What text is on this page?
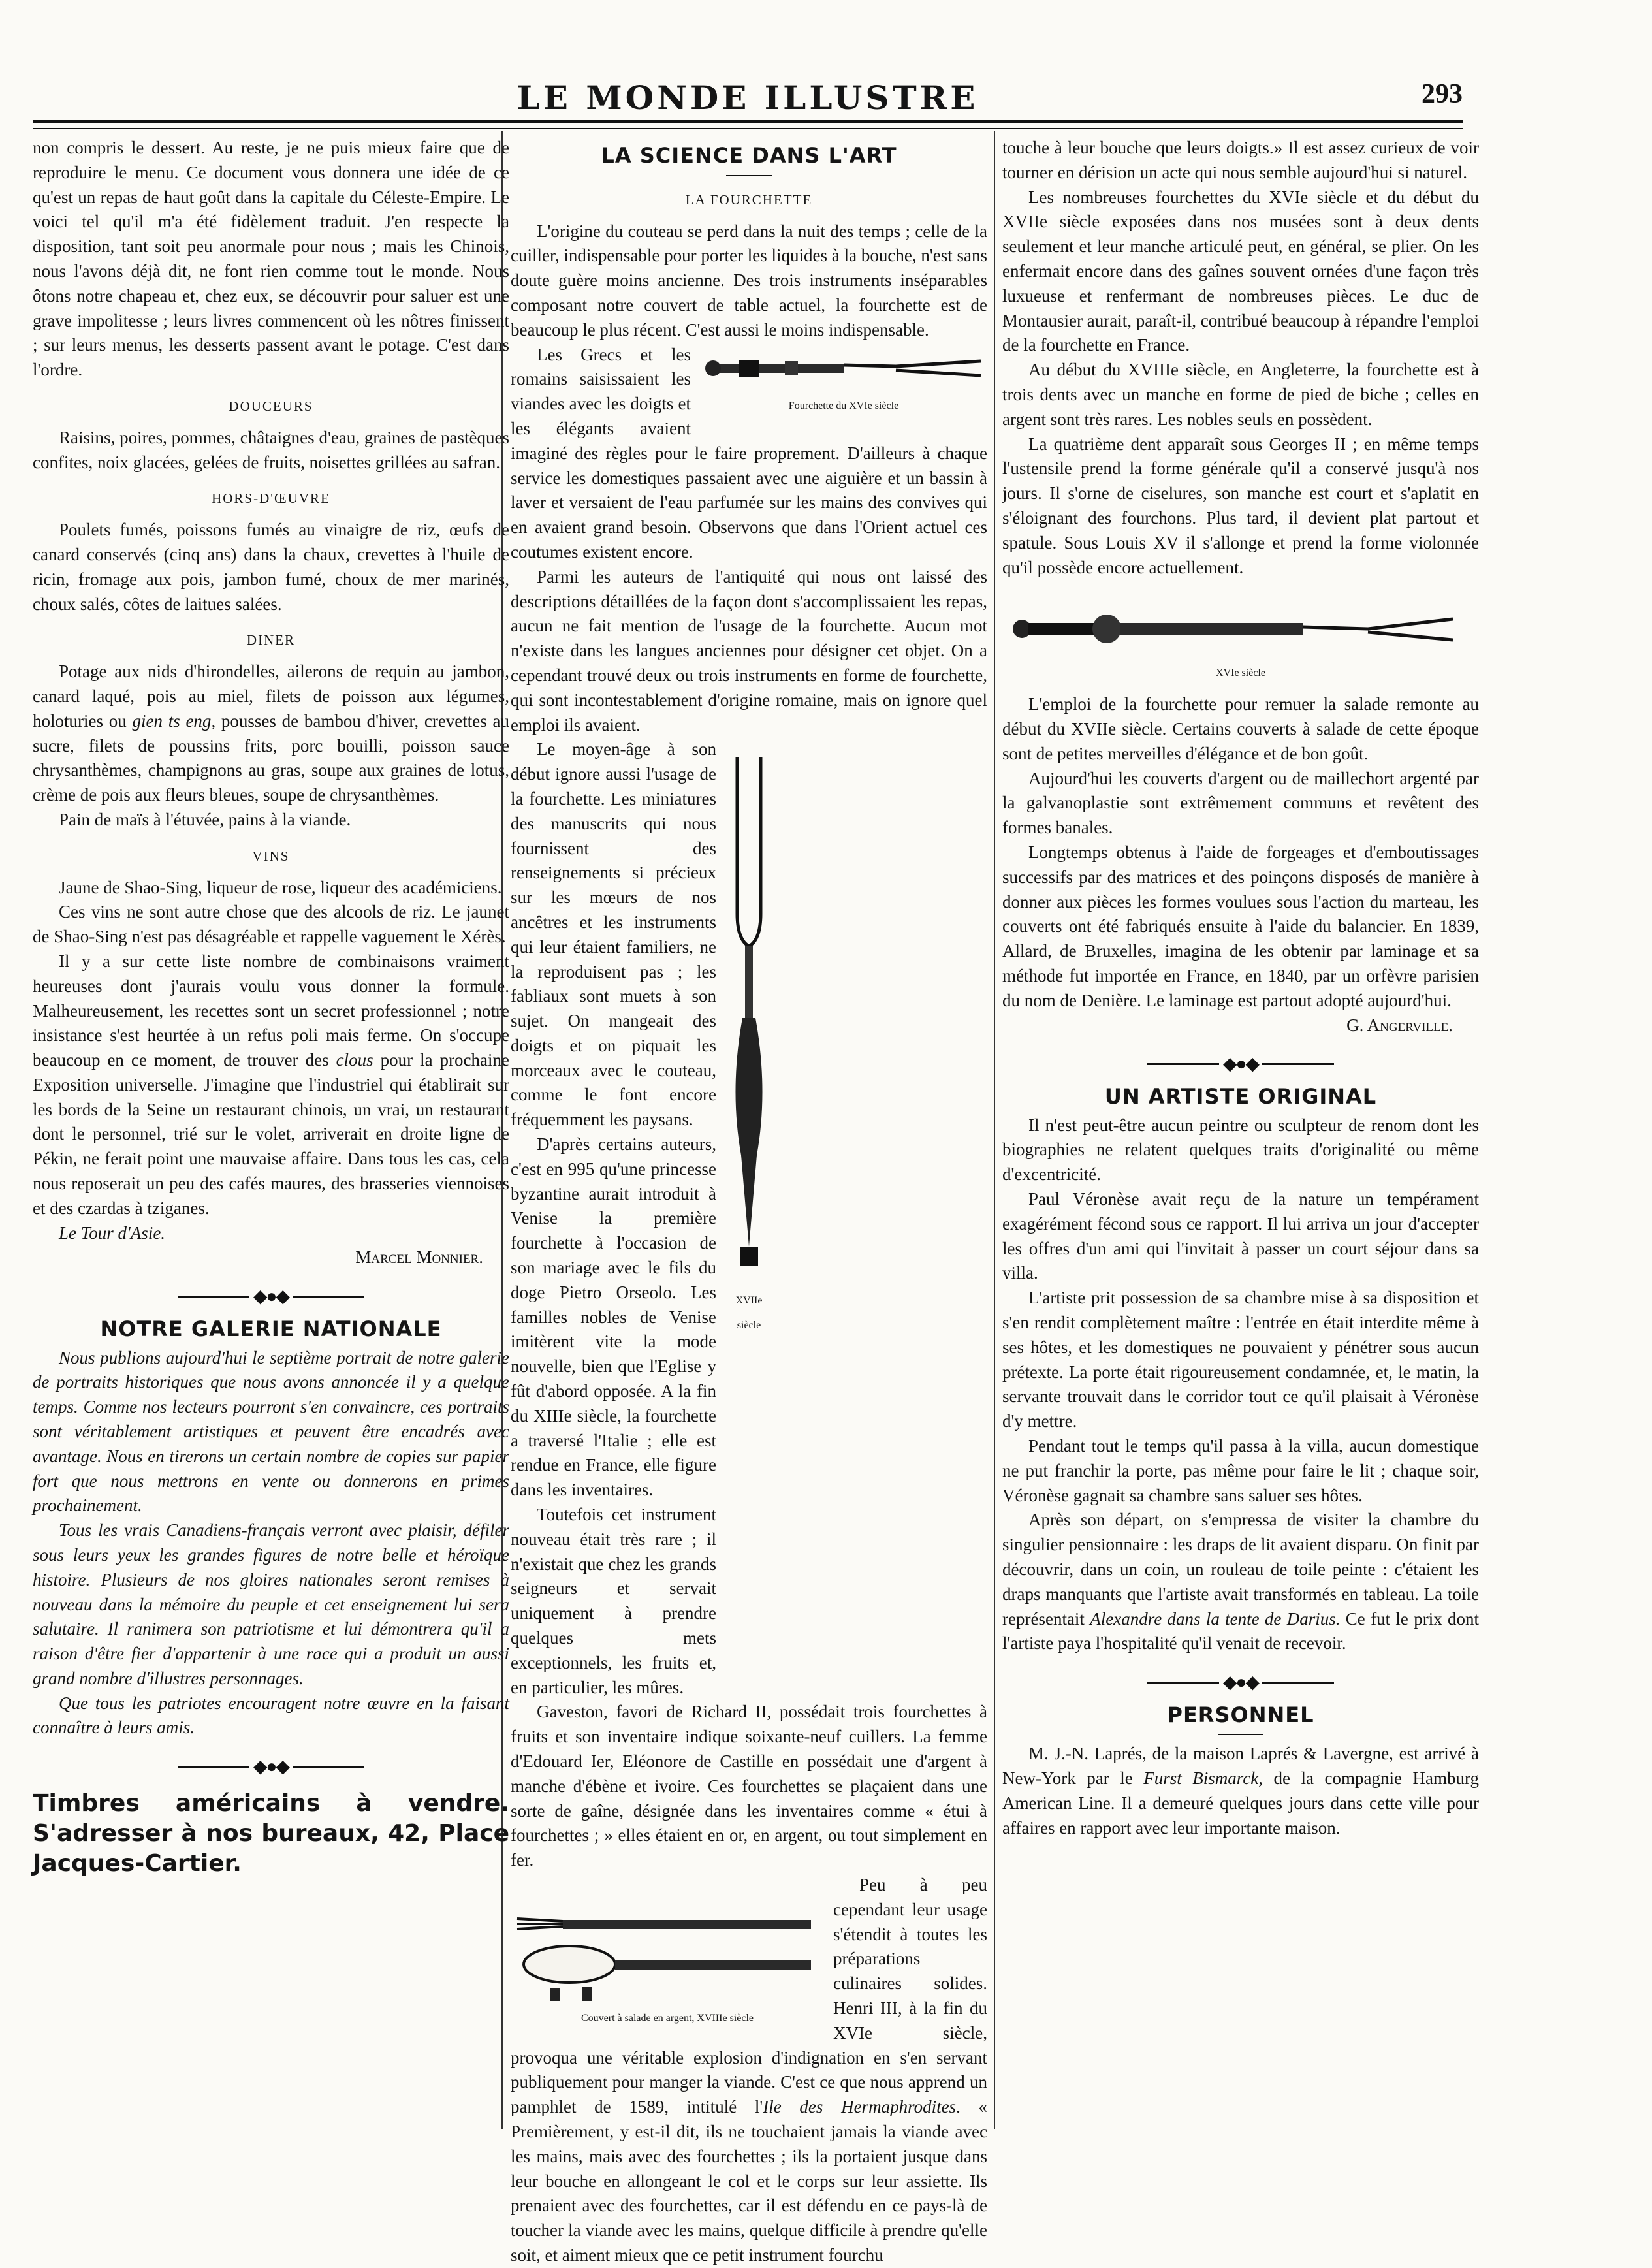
LE MONDE ILLUSTRE	293

non compris le dessert. Au reste, je ne puis mieux faire que de reproduire le menu. Ce document vous donnera une idée de ce qu'est un repas de haut goût dans la capitale du Céleste-Empire. Le voici tel qu'il m'a été fidèlement traduit. J'en respecte la disposition, tant soit peu anormale pour nous ; mais les Chinois, nous l'avons déjà dit, ne font rien comme tout le monde. Nous ôtons notre chapeau et, chez eux, se découvrir pour saluer est une grave impolitesse ; leurs livres commencent où les nôtres finissent ; sur leurs menus, les desserts passent avant le potage. C'est dans l'ordre.

DOUCEURS

Raisins, poires, pommes, châtaignes d'eau, graines de pastèques confites, noix glacées, gelées de fruits, noisettes grillées au safran.

HORS-D'ŒUVRE

Poulets fumés, poissons fumés au vinaigre de riz, œufs de canard conservés (cinq ans) dans la chaux, crevettes à l'huile de ricin, fromage aux pois, jambon fumé, choux de mer marinés, choux salés, côtes de laitues salées.

DINER

Potage aux nids d'hirondelles, ailerons de requin au jambon, canard laqué, pois au miel, filets de poisson aux légumes, holoturies ou gien ts eng, pousses de bambou d'hiver, crevettes au sucre, filets de poussins frits, porc bouilli, poisson sauce chrysanthèmes, champignons au gras, soupe aux graines de lotus, crème de pois aux fleurs bleues, soupe de chrysanthèmes.

Pain de maïs à l'étuvée, pains à la viande.

VINS

Jaune de Shao-Sing, liqueur de rose, liqueur des académiciens.

Ces vins ne sont autre chose que des alcools de riz. Le jaunet de Shao-Sing n'est pas désagréable et rappelle vaguement le Xérès.

Il y a sur cette liste nombre de combinaisons vraiment heureuses dont j'aurais voulu vous donner la formule. Malheureusement, les recettes sont un secret professionnel ; notre insistance s'est heurtée à un refus poli mais ferme. On s'occupe beaucoup en ce moment, de trouver des clous pour la prochaine Exposition universelle. J'imagine que l'industriel qui établirait sur les bords de la Seine un restaurant chinois, un vrai, un restaurant dont le personnel, trié sur le volet, arriverait en droite ligne de Pékin, ne ferait point une mauvaise affaire. Dans tous les cas, cela nous reposerait un peu des cafés maures, des brasseries viennoises et des czardas à tziganes.

Le Tour d'Asie.

Marcel Monnier.

◆●◆
NOTRE GALERIE NATIONALE

Nous publions aujourd'hui le septième portrait de notre galerie de portraits historiques que nous avons annoncée il y a quelque temps. Comme nos lecteurs pourront s'en convaincre, ces portraits sont véritablement artistiques et peuvent être encadrés avec avantage. Nous en tirerons un certain nombre de copies sur papier fort que nous mettrons en vente ou donnerons en primes prochainement.

Tous les vrais Canadiens-français verront avec plaisir, défiler sous leurs yeux les grandes figures de notre belle et héroïque histoire. Plusieurs de nos gloires nationales seront remises à nouveau dans la mémoire du peuple et cet enseignement lui sera salutaire. Il ranimera son patriotisme et lui démontrera qu'il a raison d'être fier d'appartenir à une race qui a produit un aussi grand nombre d'illustres personnages.

Que tous les patriotes encouragent notre œuvre en la faisant connaître à leurs amis.

◆●◆

Timbres américains à vendre. S'adresser à nos bureaux, 42, Place Jacques-Cartier.

LA SCIENCE DANS L'ART
LA FOURCHETTE

L'origine du couteau se perd dans la nuit des temps ; celle de la cuiller, indispensable pour porter les liquides à la bouche, n'est sans doute guère moins ancienne. Des trois instruments inséparables composant notre couvert de table actuel, la fourchette est de beaucoup le plus récent. C'est aussi le moins indispensable.

Fourchette du XVIe siècle

Les Grecs et les romains saisissaient les viandes avec les doigts et les élégants avaient imaginé des règles pour le faire proprement. D'ailleurs à chaque service les domestiques passaient avec une aiguière et un bassin à laver et versaient de l'eau parfumée sur les mains des convives qui en avaient grand besoin. Observons que dans l'Orient actuel ces coutumes existent encore.

Parmi les auteurs de l'antiquité qui nous ont laissé des descriptions détaillées de la façon dont s'accomplissaient les repas, aucun ne fait mention de l'usage de la fourchette. Aucun mot n'existe dans les langues anciennes pour désigner cet objet. On a cependant trouvé deux ou trois instruments en forme de fourchette, qui sont incontestablement d'origine romaine, mais on ignore quel emploi ils avaient.

Le moyen-âge à son début ignore aussi l'usage de la fourchette. Les miniatures des manuscrits qui nous fournissent des renseignements si précieux sur les mœurs de nos ancêtres et les instruments qui leur étaient familiers, ne la reproduisent pas ; les fabliaux sont muets à son sujet. On mangeait des doigts et on piquait les morceaux avec le couteau, comme le font encore fréquemment les paysans.

D'après certains auteurs, c'est en 995 qu'une princesse byzantine aurait introduit à Venise la première fourchette à l'occasion de son mariage avec le fils du doge Pietro Orseolo. Les familles nobles de Venise imitèrent vite la mode nouvelle, bien que l'Eglise y fût d'abord opposée. A la fin du XIIIe siècle, la fourchette a traversé l'Italie ; elle est rendue en France, elle figure dans les inventaires.

Toutefois cet instrument nouveau était très rare ; il n'existait que chez les grands seigneurs et servait uniquement à prendre quelques mets exceptionnels, les fruits et, en particulier, les mûres.

XVIIe siècle

Gaveston, favori de Richard II, possédait trois fourchettes à fruits et son inventaire indique soixante-neuf cuillers. La femme d'Edouard Ier, Eléonore de Castille en possédait une d'argent à manche d'ébène et ivoire. Ces fourchettes se plaçaient dans une sorte de gaîne, désignée dans les inventaires comme « étui à fourchettes ; » elles étaient en or, en argent, ou tout simplement en fer.

Couvert à salade en argent, XVIIIe siècle

Peu à peu cependant leur usage s'étendit à toutes les préparations culinaires solides. Henri III, à la fin du XVIe siècle, provoqua une véritable explosion d'indignation en s'en servant publiquement pour manger la viande. C'est ce que nous apprend un pamphlet de 1589, intitulé l'Ile des Hermaphrodites. « Premièrement, y est-il dit, ils ne touchaient jamais la viande avec les mains, mais avec des fourchettes ; ils la portaient jusque dans leur bouche en allongeant le col et le corps sur leur assiette. Ils prenaient avec des fourchettes, car il est défendu en ce pays-là de toucher la viande avec les mains, quelque difficile à prendre qu'elle soit, et aiment mieux que ce petit instrument fourchu

touche à leur bouche que leurs doigts.» Il est assez curieux de voir tourner en dérision un acte qui nous semble aujourd'hui si naturel.

Les nombreuses fourchettes du XVIe siècle et du début du XVIIe siècle exposées dans nos musées sont à deux dents seulement et leur manche articulé peut, en général, se plier. On les enfermait encore dans des gaînes souvent ornées d'une façon très luxueuse et renfermant de nombreuses pièces. Le duc de Montausier aurait, paraît-il, contribué beaucoup à répandre l'emploi de la fourchette en France.

Au début du XVIIIe siècle, en Angleterre, la fourchette est à trois dents avec un manche en forme de pied de biche ; celles en argent sont très rares. Les nobles seuls en possèdent.

La quatrième dent apparaît sous Georges II ; en même temps l'ustensile prend la forme générale qu'il a conservé jusqu'à nos jours. Il s'orne de ciselures, son manche est court et s'aplatit en s'éloignant des fourchons. Plus tard, il devient plat partout et spatule. Sous Louis XV il s'allonge et prend la forme violonnée qu'il possède encore actuellement.

XVIe siècle

L'emploi de la fourchette pour remuer la salade remonte au début du XVIIe siècle. Certains couverts à salade de cette époque sont de petites merveilles d'élégance et de bon goût.

Aujourd'hui les couverts d'argent ou de maillechort argenté par la galvanoplastie sont extrêmement communs et revêtent des formes banales.

Longtemps obtenus à l'aide de forgeages et d'emboutissages successifs par des matrices et des poinçons disposés de manière à donner aux pièces les formes voulues sous l'action du marteau, les couverts ont été fabriqués ensuite à l'aide du balancier. En 1839, Allard, de Bruxelles, imagina de les obtenir par laminage et sa méthode fut importée en France, en 1840, par un orfèvre parisien du nom de Denière. Le laminage est partout adopté aujourd'hui.

G. Angerville.

◆●◆
UN ARTISTE ORIGINAL

Il n'est peut-être aucun peintre ou sculpteur de renom dont les biographies ne relatent quelques traits d'originalité ou même d'excentricité.

Paul Véronèse avait reçu de la nature un tempérament exagérément fécond sous ce rapport. Il lui arriva un jour d'accepter les offres d'un ami qui l'invitait à passer un court séjour dans sa villa.

L'artiste prit possession de sa chambre mise à sa disposition et s'en rendit complètement maître : l'entrée en était interdite même à ses hôtes, et les domestiques ne pouvaient y pénétrer sous aucun prétexte. La porte était rigoureusement condamnée, et, le matin, la servante trouvait dans le corridor tout ce qu'il plaisait à Véronèse d'y mettre.

Pendant tout le temps qu'il passa à la villa, aucun domestique ne put franchir la porte, pas même pour faire le lit ; chaque soir, Véronèse gagnait sa chambre sans saluer ses hôtes.

Après son départ, on s'empressa de visiter la chambre du singulier pensionnaire : les draps de lit avaient disparu. On finit par découvrir, dans un coin, un rouleau de toile peinte : c'étaient les draps manquants que l'artiste avait transformés en tableau. La toile représentait Alexandre dans la tente de Darius. Ce fut le prix dont l'artiste paya l'hospitalité qu'il venait de recevoir.

◆●◆
PERSONNEL

M. J.-N. Laprés, de la maison Laprés & Lavergne, est arrivé à New-York par le Furst Bismarck, de la compagnie Hamburg American Line. Il a demeuré quelques jours dans cette ville pour affaires en rapport avec leur importante maison.
